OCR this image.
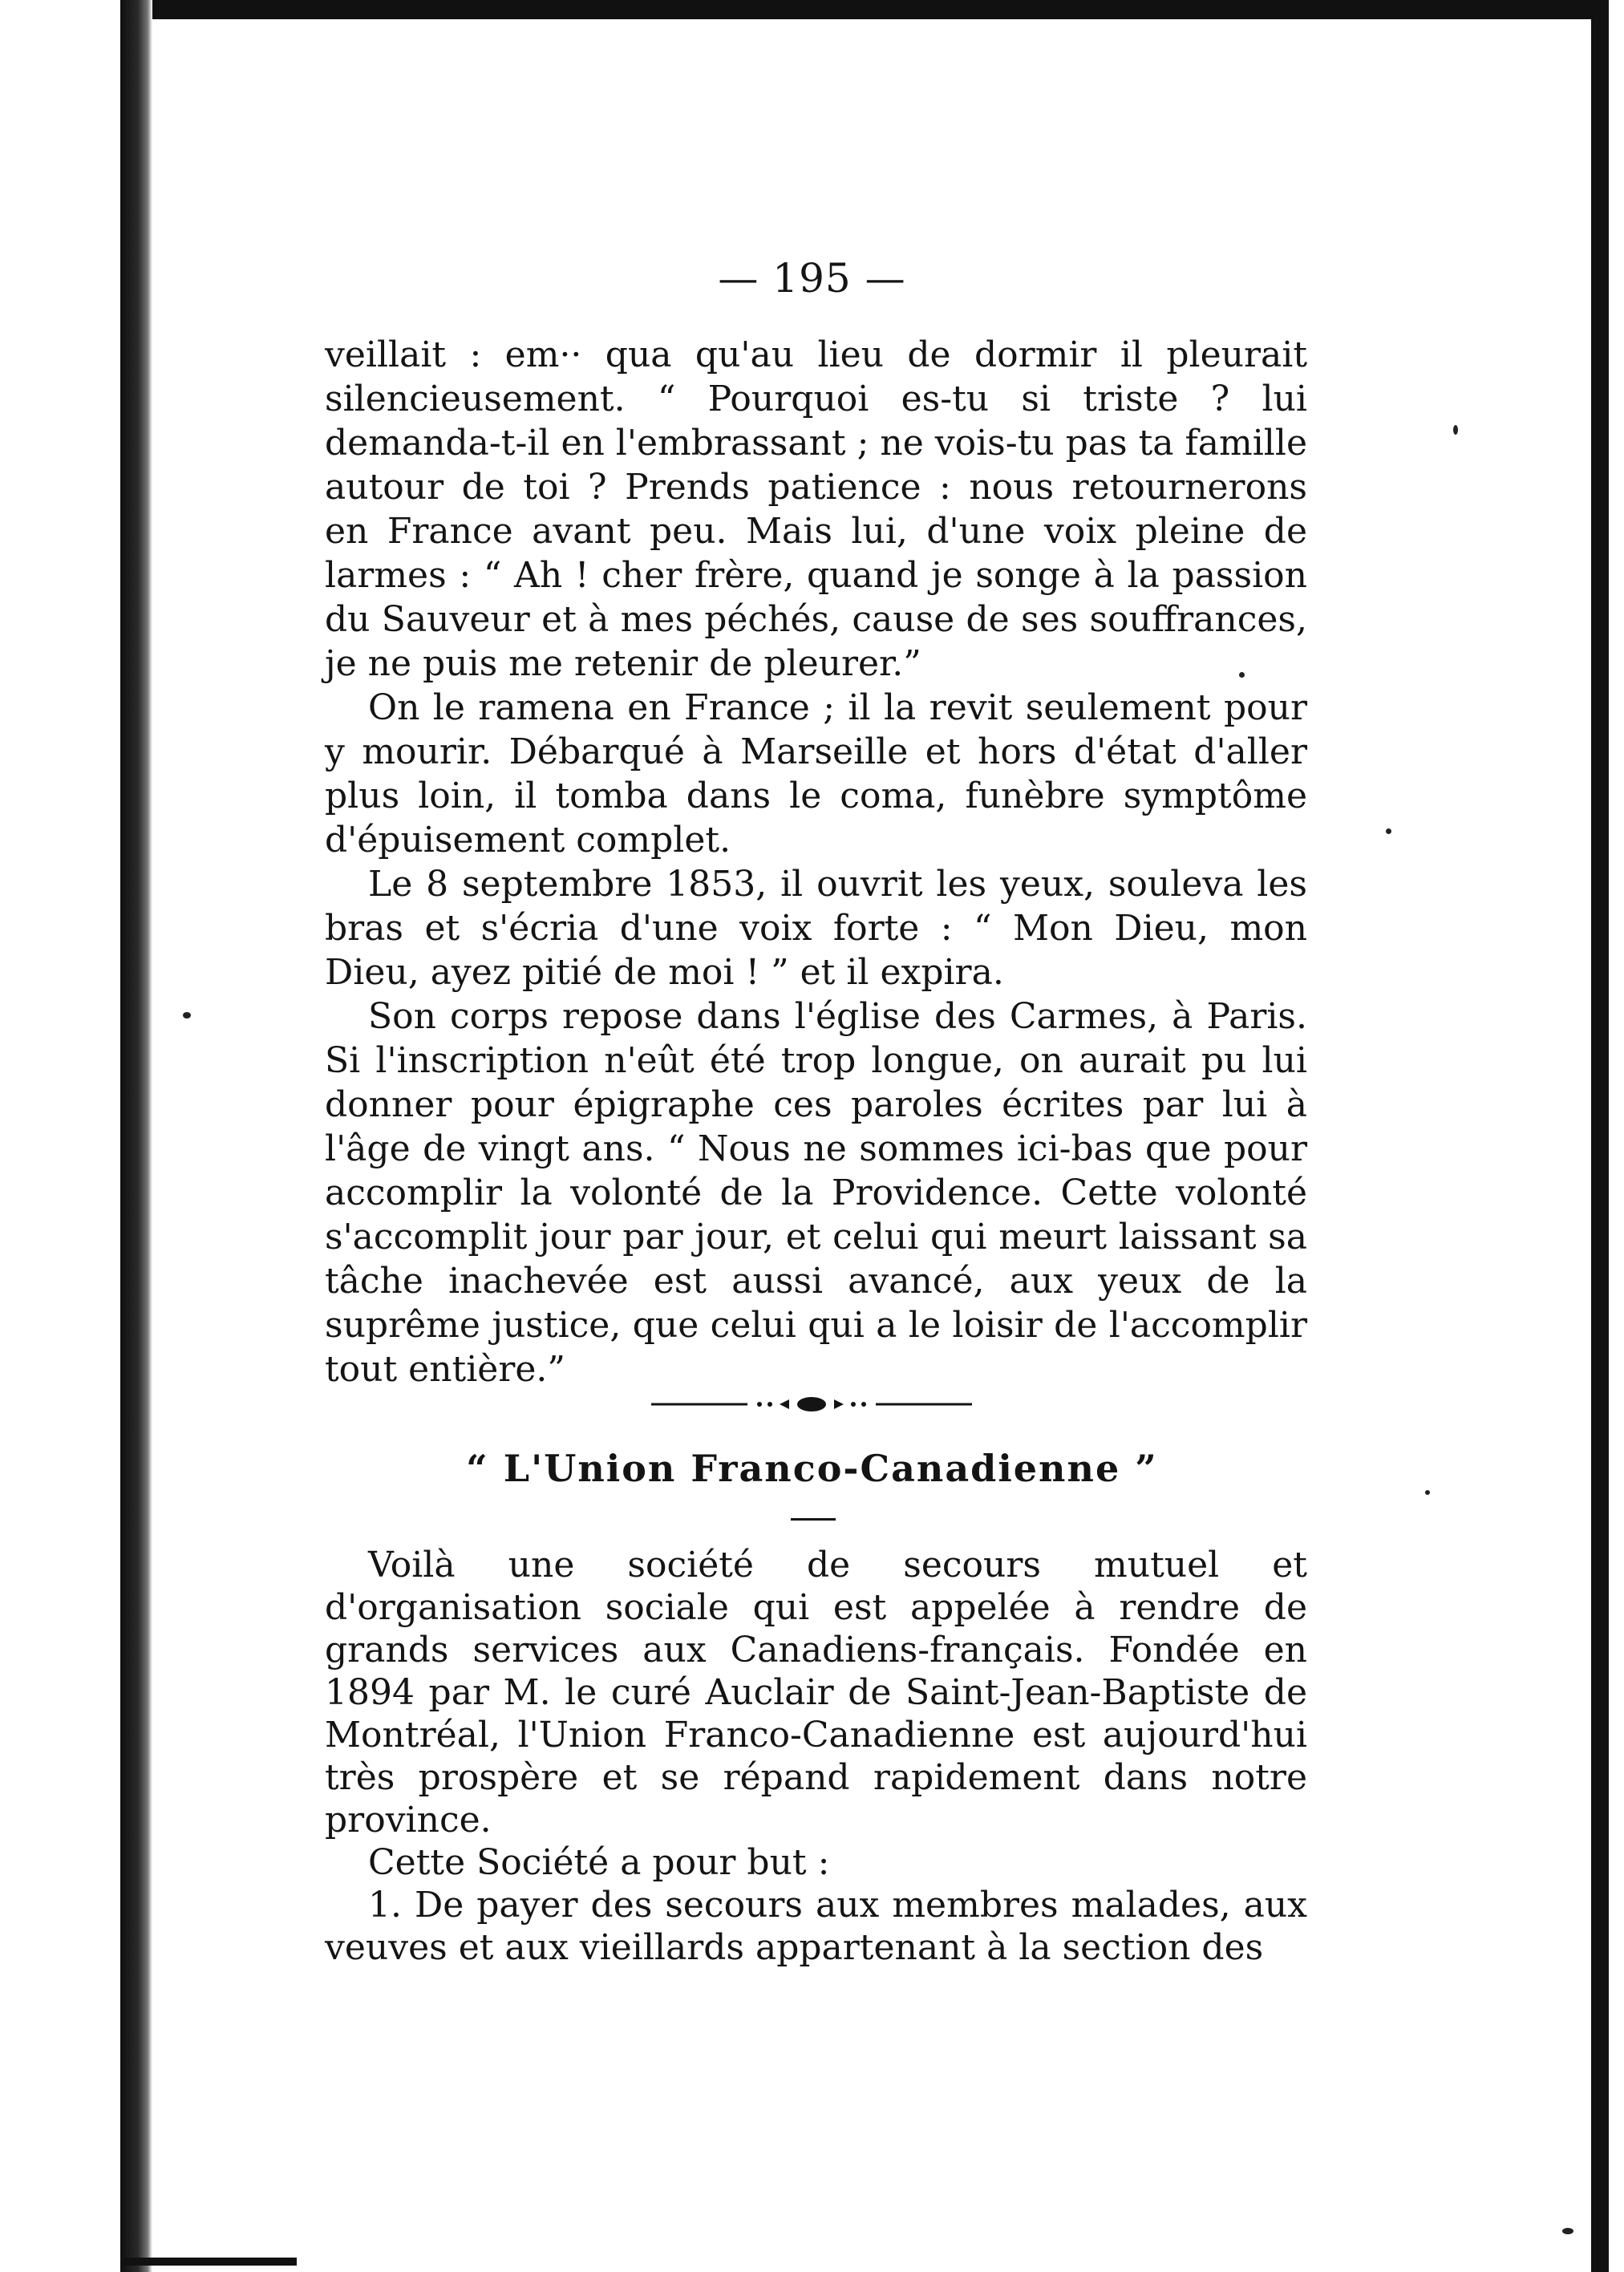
— 195 —

veillait : em·· qua qu'au lieu de dormir il pleurait silencieusement. “ Pourquoi es-tu si triste ? lui demanda-t-il en l'embrassant ; ne vois-tu pas ta famille autour de toi ? Prends patience : nous retournerons en France avant peu. Mais lui, d'une voix pleine de larmes : “ Ah ! cher frère, quand je songe à la passion du Sauveur et à mes péchés, cause de ses souffrances, je ne puis me retenir de pleurer.”

On le ramena en France ; il la revit seulement pour y mourir. Débarqué à Marseille et hors d'état d'aller plus loin, il tomba dans le coma, funèbre symptôme d'épuisement complet.

Le 8 septembre 1853, il ouvrit les yeux, souleva les bras et s'écria d'une voix forte : “ Mon Dieu, mon Dieu, ayez pitié de moi ! ” et il expira.

Son corps repose dans l'église des Carmes, à Paris. Si l'inscription n'eût été trop longue, on aurait pu lui donner pour épigraphe ces paroles écrites par lui à l'âge de vingt ans. “ Nous ne sommes ici-bas que pour accomplir la volonté de la Providence. Cette volonté s'accomplit jour par jour, et celui qui meurt laissant sa tâche inachevée est aussi avancé, aux yeux de la suprême justice, que celui qui a le loisir de l'accomplir tout entière.”

“ L'Union Franco-Canadienne ”

Voilà une société de secours mutuel et d'organisation sociale qui est appelée à rendre de grands services aux Canadiens-français. Fondée en 1894 par M. le curé Auclair de Saint-Jean-Baptiste de Montréal, l'Union Franco-Canadienne est aujourd'hui très prospère et se répand rapidement dans notre province.

Cette Société a pour but :

1. De payer des secours aux membres malades, aux veuves et aux vieillards appartenant à la section des
